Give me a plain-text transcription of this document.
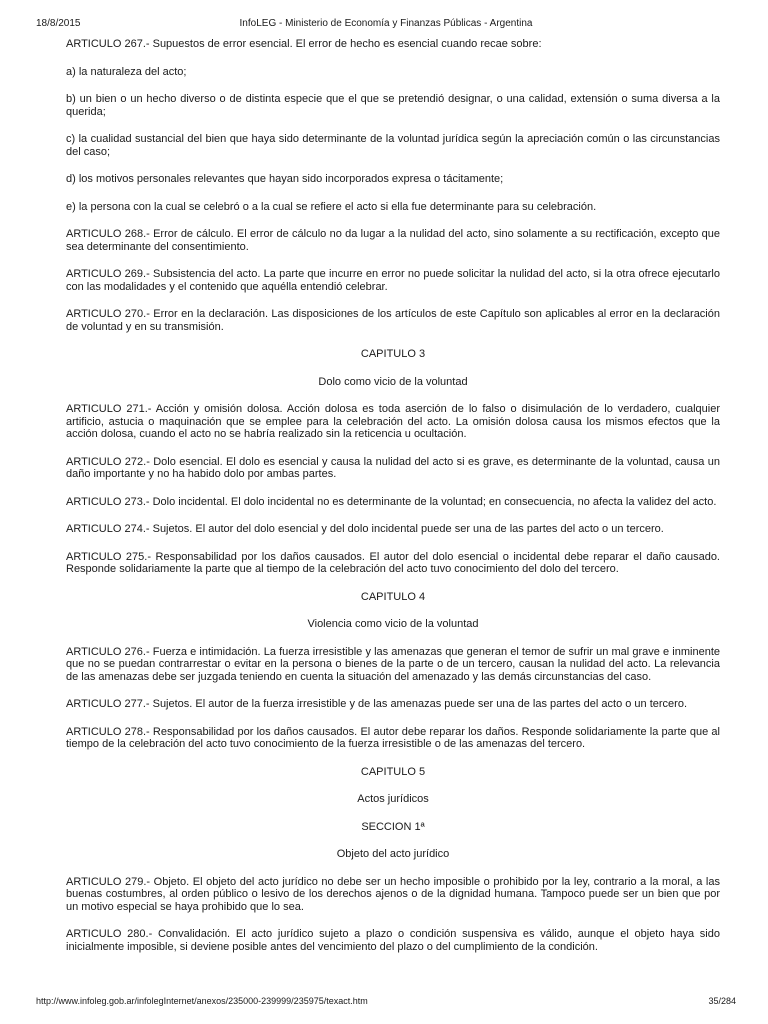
18/8/2015	InfoLEG - Ministerio de Economía y Finanzas Públicas - Argentina

ARTICULO 267.- Supuestos de error esencial. El error de hecho es esencial cuando recae sobre:

a) la naturaleza del acto;

b) un bien o un hecho diverso o de distinta especie que el que se pretendió designar, o una calidad, extensión o suma diversa a la querida;

c) la cualidad sustancial del bien que haya sido determinante de la voluntad jurídica según la apreciación común o las circunstancias del caso;

d) los motivos personales relevantes que hayan sido incorporados expresa o tácitamente;

e) la persona con la cual se celebró o a la cual se refiere el acto si ella fue determinante para su celebración.

ARTICULO 268.- Error de cálculo. El error de cálculo no da lugar a la nulidad del acto, sino solamente a su rectificación, excepto que sea determinante del consentimiento.

ARTICULO 269.- Subsistencia del acto. La parte que incurre en error no puede solicitar la nulidad del acto, si la otra ofrece ejecutarlo con las modalidades y el contenido que aquélla entendió celebrar.

ARTICULO 270.- Error en la declaración. Las disposiciones de los artículos de este Capítulo son aplicables al error en la declaración de voluntad y en su transmisión.

CAPITULO 3

Dolo como vicio de la voluntad

ARTICULO 271.- Acción y omisión dolosa. Acción dolosa es toda aserción de lo falso o disimulación de lo verdadero, cualquier artificio, astucia o maquinación que se emplee para la celebración del acto. La omisión dolosa causa los mismos efectos que la acción dolosa, cuando el acto no se habría realizado sin la reticencia u ocultación.

ARTICULO 272.- Dolo esencial. El dolo es esencial y causa la nulidad del acto si es grave, es determinante de la voluntad, causa un daño importante y no ha habido dolo por ambas partes.

ARTICULO 273.- Dolo incidental. El dolo incidental no es determinante de la voluntad; en consecuencia, no afecta la validez del acto.

ARTICULO 274.- Sujetos. El autor del dolo esencial y del dolo incidental puede ser una de las partes del acto o un tercero.

ARTICULO 275.- Responsabilidad por los daños causados. El autor del dolo esencial o incidental debe reparar el daño causado. Responde solidariamente la parte que al tiempo de la celebración del acto tuvo conocimiento del dolo del tercero.

CAPITULO 4

Violencia como vicio de la voluntad

ARTICULO 276.- Fuerza e intimidación. La fuerza irresistible y las amenazas que generan el temor de sufrir un mal grave e inminente que no se puedan contrarrestar o evitar en la persona o bienes de la parte o de un tercero, causan la nulidad del acto. La relevancia de las amenazas debe ser juzgada teniendo en cuenta la situación del amenazado y las demás circunstancias del caso.

ARTICULO 277.- Sujetos. El autor de la fuerza irresistible y de las amenazas puede ser una de las partes del acto o un tercero.

ARTICULO 278.- Responsabilidad por los daños causados. El autor debe reparar los daños. Responde solidariamente la parte que al tiempo de la celebración del acto tuvo conocimiento de la fuerza irresistible o de las amenazas del tercero.

CAPITULO 5

Actos jurídicos

SECCION 1ª

Objeto del acto jurídico

ARTICULO 279.- Objeto. El objeto del acto jurídico no debe ser un hecho imposible o prohibido por la ley, contrario a la moral, a las buenas costumbres, al orden público o lesivo de los derechos ajenos o de la dignidad humana. Tampoco puede ser un bien que por un motivo especial se haya prohibido que lo sea.

ARTICULO 280.- Convalidación. El acto jurídico sujeto a plazo o condición suspensiva es válido, aunque el objeto haya sido inicialmente imposible, si deviene posible antes del vencimiento del plazo o del cumplimiento de la condición.

http://www.infoleg.gob.ar/infolegInternet/anexos/235000-239999/235975/texact.htm	35/284
